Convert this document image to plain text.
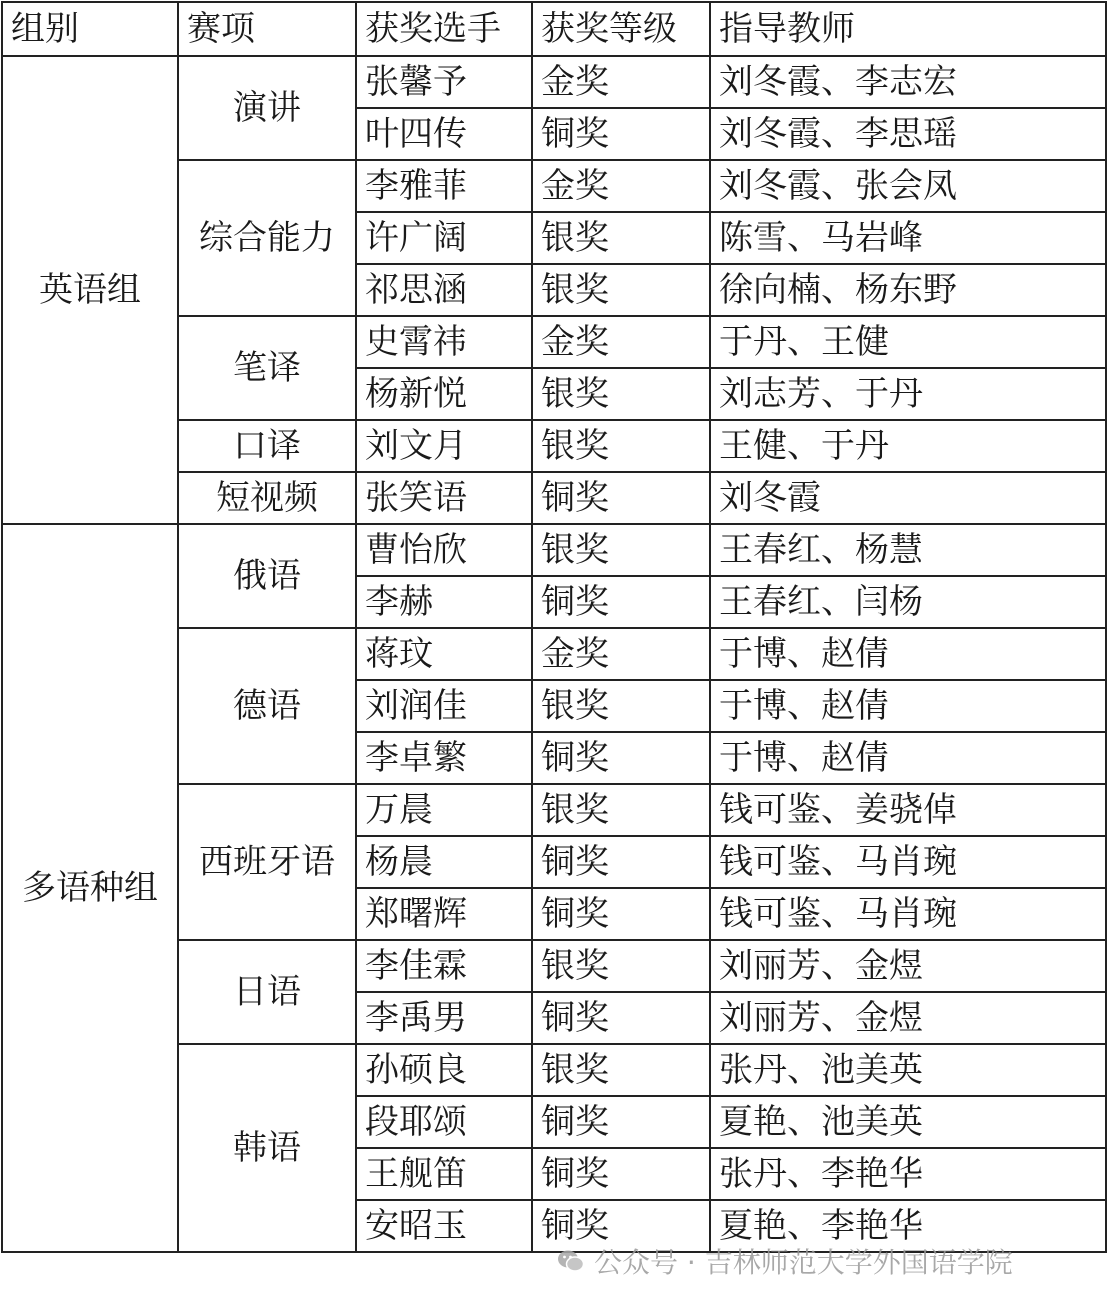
组别	赛项	获奖选手	获奖等级	指导教师
英语组	演讲	张馨予	金奖	刘冬霞、李志宏
		叶四传	铜奖	刘冬霞、李思瑶
	综合能力	李雅菲	金奖	刘冬霞、张会凤
		许广阔	银奖	陈雪、马岩峰
		祁思涵	银奖	徐向楠、杨东野
	笔译	史霄祎	金奖	于丹、王健
		杨新悦	银奖	刘志芳、于丹
	口译	刘文月	银奖	王健、于丹
	短视频	张笑语	铜奖	刘冬霞
多语种组	俄语	曹怡欣	银奖	王春红、杨慧
		李赫	铜奖	王春红、闫杨
	德语	蒋玟	金奖	于博、赵倩
		刘润佳	银奖	于博、赵倩
		李卓繁	铜奖	于博、赵倩
	西班牙语	万晨	银奖	钱可鉴、姜骁倬
		杨晨	铜奖	钱可鉴、马肖琬
		郑曙辉	铜奖	钱可鉴、马肖琬
	日语	李佳霖	银奖	刘丽芳、金煜
		李禹男	铜奖	刘丽芳、金煜
	韩语	孙硕良	银奖	张丹、池美英
		段耶颂	铜奖	夏艳、池美英
		王舰笛	铜奖	张丹、李艳华
		安昭玉	铜奖	夏艳、李艳华
公众号 · 吉林师范大学外国语学院
